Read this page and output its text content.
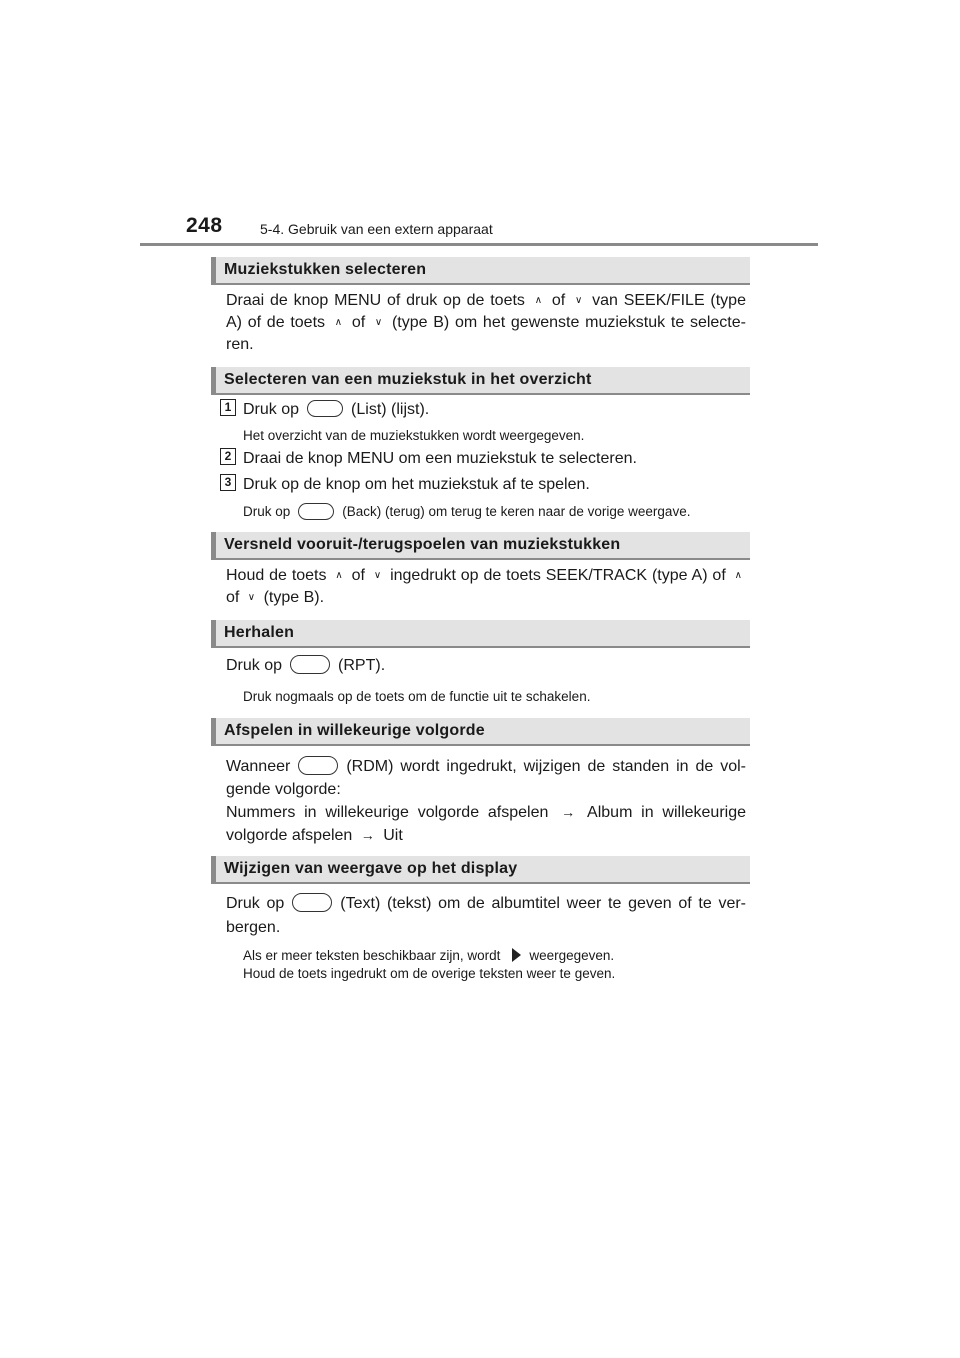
248	5-4. Gebruik van een extern apparaat
Muziekstukken selecteren
Draai de knop MENU of druk op de toets ∧ of ∨ van SEEK/FILE (type A) of de toets ∧ of ∨ (type B) om het gewenste muziekstuk te selecte-ren.
Selecteren van een muziekstuk in het overzicht
1 Druk op	(List) (lijst).
Het overzicht van de muziekstukken wordt weergegeven.
2 Draai de knop MENU om een muziekstuk te selecteren.
3 Druk op de knop om het muziekstuk af te spelen.
Druk op	(Back) (terug) om terug te keren naar de vorige weergave.
Versneld vooruit-/terugspoelen van muziekstukken
Houd de toets ∧ of ∨ ingedrukt op de toets SEEK/TRACK (type A) of ∧ of ∨ (type B).
Herhalen
Druk op	(RPT).
Druk nogmaals op de toets om de functie uit te schakelen.
Afspelen in willekeurige volgorde
Wanneer	(RDM) wordt ingedrukt, wijzigen de standen in de vol-gende volgorde:
Nummers in willekeurige volgorde afspelen → Album in willekeurige volgorde afspelen → Uit
Wijzigen van weergave op het display
Druk op	(Text) (tekst) om de albumtitel weer te geven of te ver-bergen.
Als er meer teksten beschikbaar zijn, wordt weergegeven.
Houd de toets ingedrukt om de overige teksten weer te geven.
